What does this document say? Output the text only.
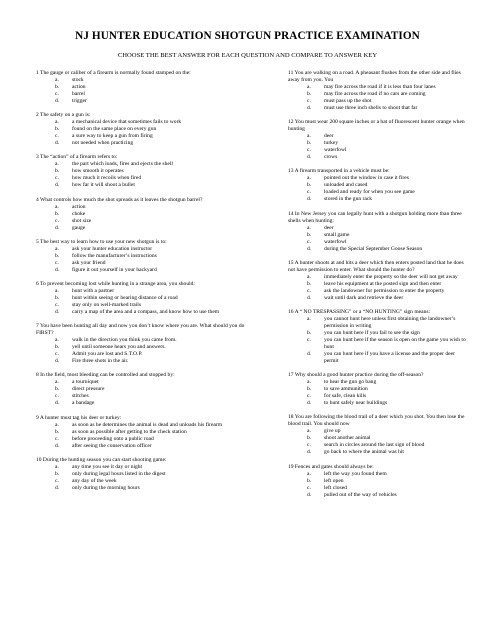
NJ HUNTER EDUCATION SHOTGUN PRACTICE EXAMINATION
CHOOSE THE BEST ANSWER FOR EACH QUESTION AND COMPARE TO ANSWER KEY
1 The gauge or caliber of a firearm is normally found stamped on the:
a.	stock
b.	action
c.	barrel
d.	trigger
2 The safety on a gun is:
a.	a mechanical device that sometimes fails to work
b.	found on the same place on every gun
c.	a sure way to keep a gun from firing
d.	not needed when practicing
3 The “action” of a firearm refers to:
a.	the part which loads, fires and ejects the shell
b.	how smooth it operates
c.	how much it recoils when fired
d.	how far it will shoot a bullet
4 What controls how much the shot spreads as it leaves the shotgun barrel?
a.	action
b.	choke
c.	shot size
d.	gauge
5 The best way to learn how to use your new shotgun is to:
a.	ask your hunter education instructor
b.	follow the manufacturer’s instructions
c.	ask your friend
d.	figure it out yourself in your backyard
6 To prevent becoming lost while hunting in a strange area, you should:
a.	hunt with a partner
b.	hunt within seeing or hearing distance of a road
c.	stay only on well-marked trails
d.	carry a map of the area and a compass, and know how to use them
7 You have been hunting all day and now you don’t know where you are. What should you do FIRST?
a.	walk in the direction you think you came from.
b.	yell until someone hears you and answers.
c.	Admit you are lost and S.T.O.P.
d.	Fire three shots in the air.
8 In the field, most bleeding can be controlled and stopped by:
a.	a tourniquet
b.	direct pressure
c.	stitches
d.	a bandage
9 A hunter must tag his deer or turkey:
a.	as soon as he determines the animal is dead and unloads his firearm
b.	as soon as possible after getting to the check station
c.	before proceeding onto a public road
d.	after seeing the conservation officer
10 During the hunting season you can start shooting game:
a.	any time you see it day or night
b.	only during legal hours listed in the digest
c.	any day of the week
d.	only during the morning hours
11 You are walking on a road. A pheasant flushes from the other side and flies away from you. You
a.	may fire across the road if it is less than four lanes
b.	may fire across the road if no cars are coming
c.	must pass up the shot
d.	must use three inch shells to shoot that far
12 You must wear 200 square inches or a hat of fluorescent hunter orange when hunting
a.	deer
b.	turkey
c.	waterfowl
d.	crows
13 A firearm transported in a vehicle must be:
a.	pointed out the window in case it fires
b.	unloaded and cased
c.	loaded and ready for when you see game
d.	stored in the gun rack
14 In New Jersey you can legally hunt with a shotgun holding more than three shells when hunting:
a.	deer
b.	small game
c.	waterfowl
d.	during the Special September Goose Season
15 A hunter shoots at and hits a deer which then enters posted land that he does not have permission to enter. What should the hunter do?
a.	immediately enter the property so the deer will not get away
b.	leave his equipment at the posted sign and then enter
c.	ask the landowner for permission to enter the property
d.	wait until dark and retrieve the deer
16 A “ NO TRESPASSING” or a “NO HUNTING” sign means:
a.	you cannot hunt here unless first obtaining the landowner’s permission in writing
b.	you can hunt here if you fail to see the sign
c.	you can hunt here if the season is open on the game you wish to hunt
d.	you can hunt here if you have a license and the proper deer permit
17 Why should a good hunter practice during the off-season?
a.	to hear the gun go bang
b.	to save ammunition
c.	for safe, clean kills
d.	to hunt safely near buildings
18 You are following the blood trail of a deer which you shot. You then lose the blood trail. You should now
a.	give up
b.	shoot another animal
c.	search in circles around the last sign of blood
d.	go back to where the animal was hit
19 Fences and gates should always be:
a.	left the way you found them
b.	left open
c.	left closed
d.	pulled out of the way of vehicles
